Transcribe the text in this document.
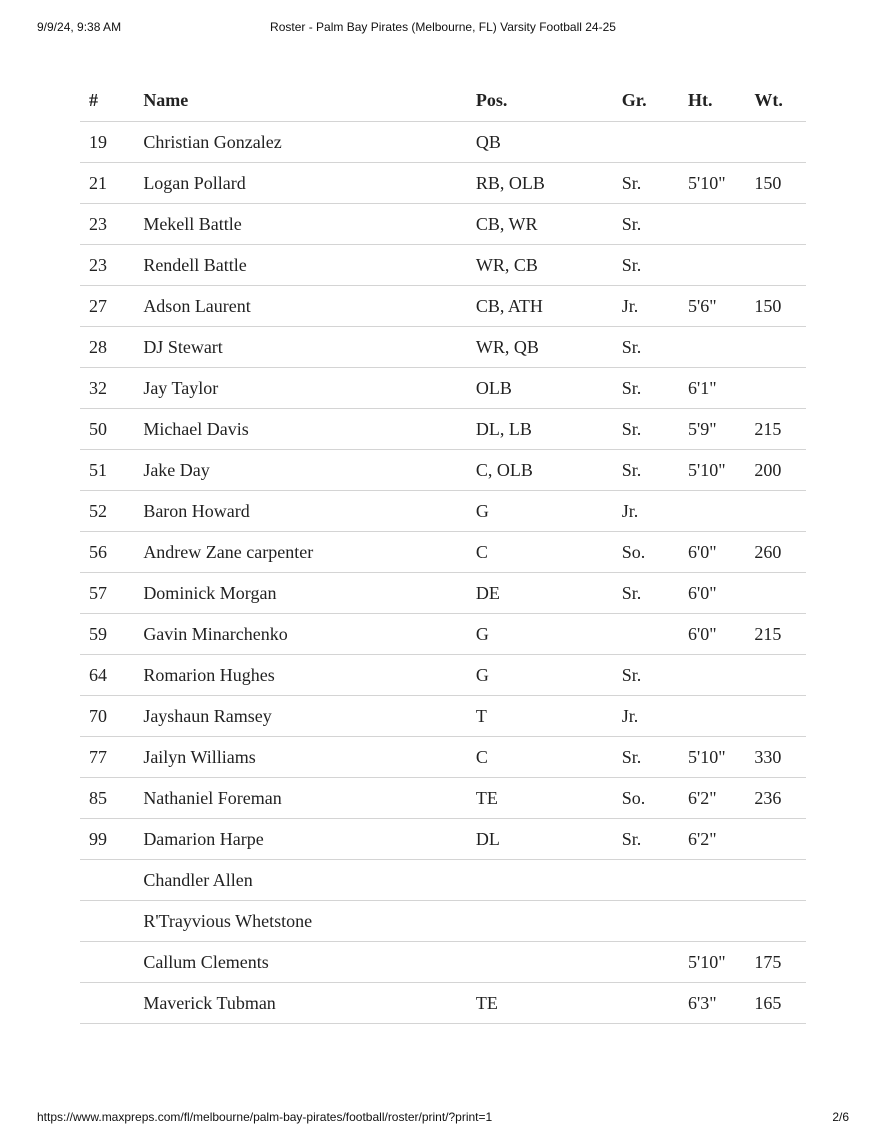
9/9/24, 9:38 AM	Roster - Palm Bay Pirates (Melbourne, FL) Varsity Football 24-25
#	Name	Pos.	Gr.	Ht.	Wt.
19	Christian Gonzalez	QB			
21	Logan Pollard	RB, OLB	Sr.	5'10"	150
23	Mekell Battle	CB, WR	Sr.		
23	Rendell Battle	WR, CB	Sr.		
27	Adson Laurent	CB, ATH	Jr.	5'6"	150
28	DJ Stewart	WR, QB	Sr.		
32	Jay Taylor	OLB	Sr.	6'1"	
50	Michael Davis	DL, LB	Sr.	5'9"	215
51	Jake Day	C, OLB	Sr.	5'10"	200
52	Baron Howard	G	Jr.		
56	Andrew Zane carpenter	C	So.	6'0"	260
57	Dominick Morgan	DE	Sr.	6'0"	
59	Gavin Minarchenko	G		6'0"	215
64	Romarion Hughes	G	Sr.		
70	Jayshaun Ramsey	T	Jr.		
77	Jailyn Williams	C	Sr.	5'10"	330
85	Nathaniel Foreman	TE	So.	6'2"	236
99	Damarion Harpe	DL	Sr.	6'2"	
	Chandler Allen				
	R'Trayvious Whetstone				
	Callum Clements			5'10"	175
	Maverick Tubman	TE		6'3"	165
https://www.maxpreps.com/fl/melbourne/palm-bay-pirates/football/roster/print/?print=1	2/6
